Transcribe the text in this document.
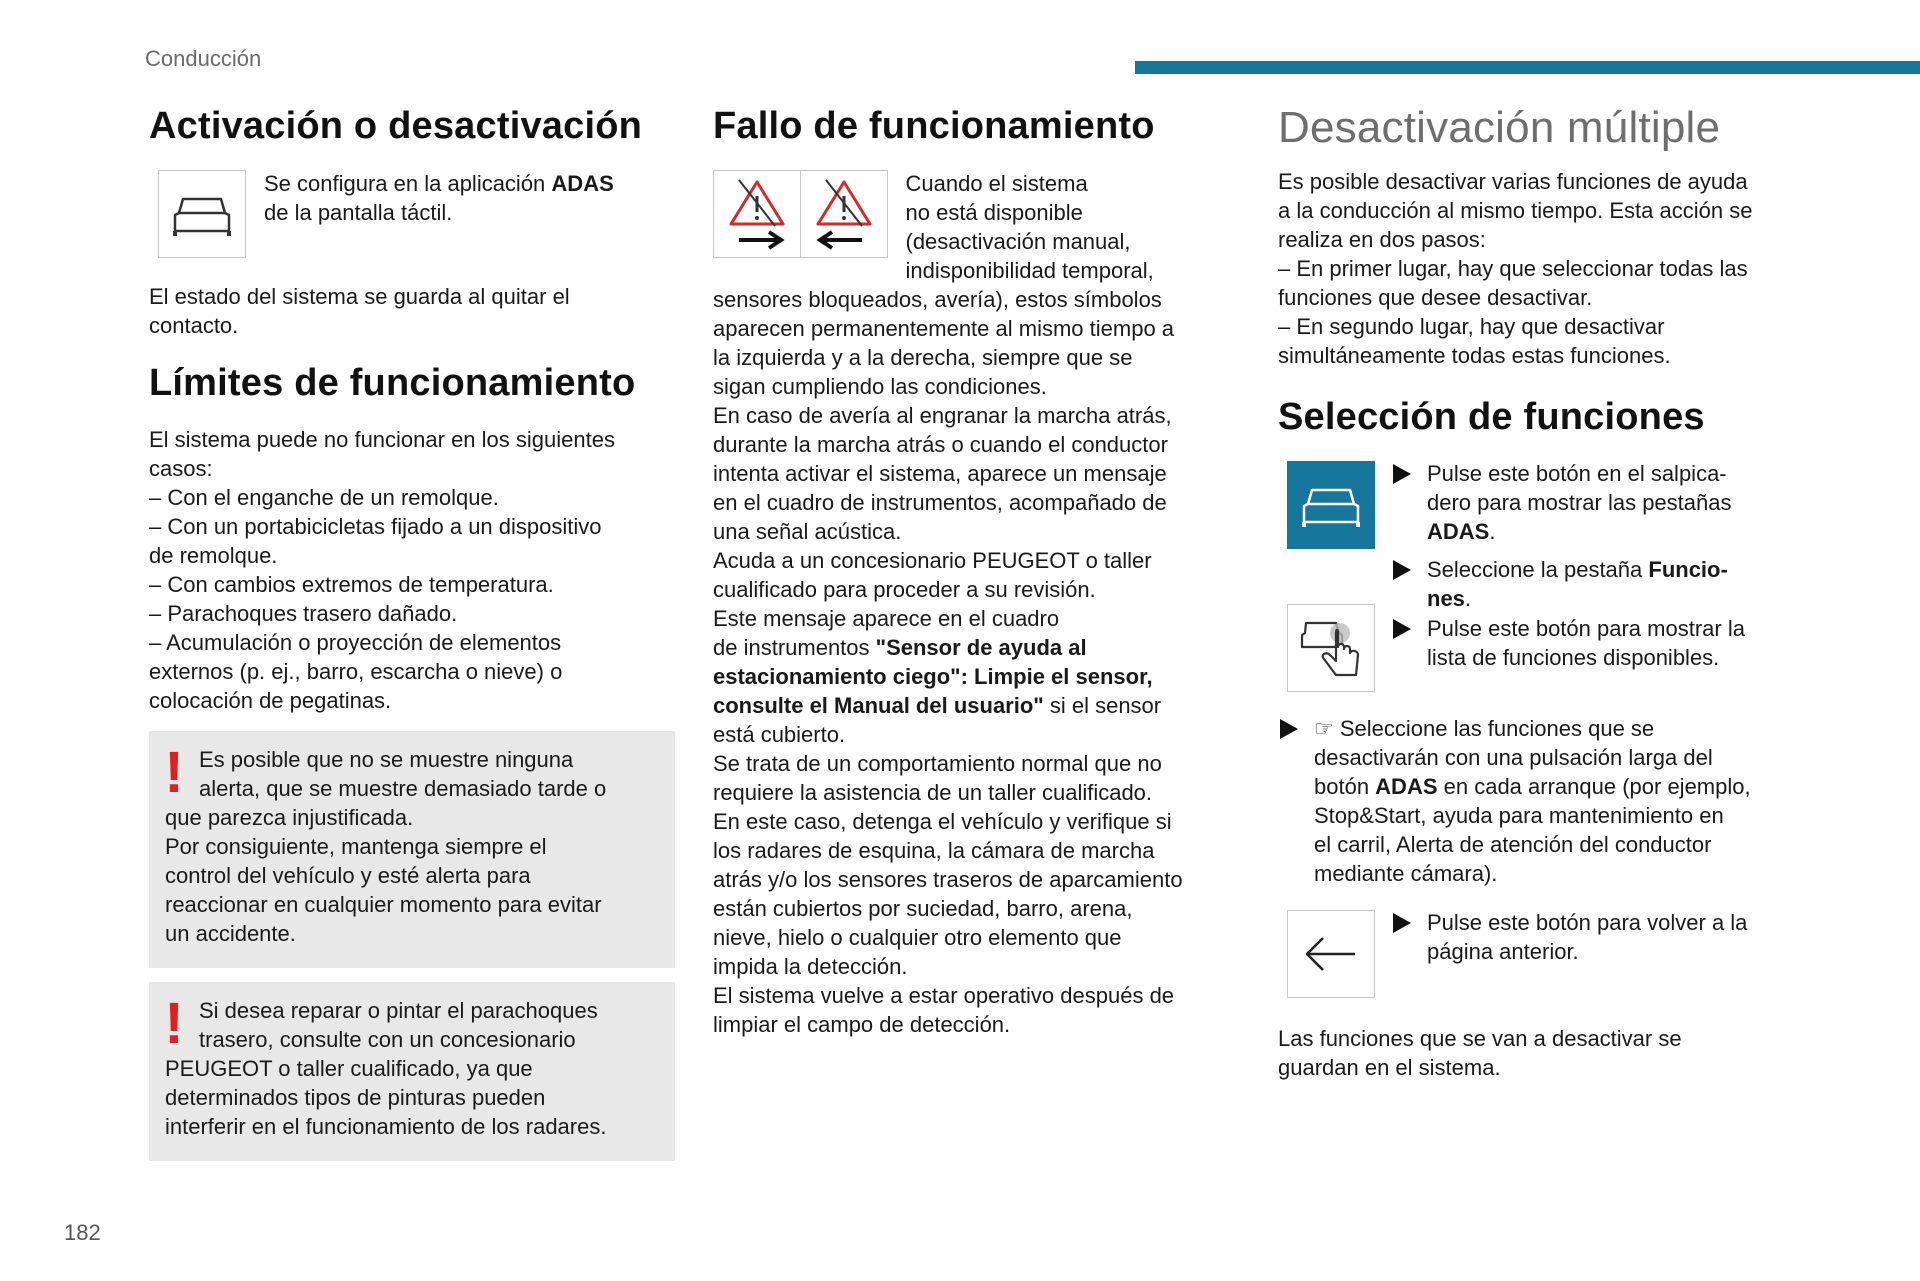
Conducción
Activación o desactivación
Se configura en la aplicación ADAS
de la pantalla táctil.
El estado del sistema se guarda al quitar el
contacto.
Límites de funcionamiento
El sistema puede no funcionar en los siguientes
casos:
– Con el enganche de un remolque.
– Con un portabicicletas fijado a un dispositivo
de remolque.
– Con cambios extremos de temperatura.
– Parachoques trasero dañado.
– Acumulación o proyección de elementos
externos (p. ej., barro, escarcha o nieve) o
colocación de pegatinas.
! Es posible que no se muestre ninguna
alerta, que se muestre demasiado tarde o
que parezca injustificada.
Por consiguiente, mantenga siempre el
control del vehículo y esté alerta para
reaccionar en cualquier momento para evitar
un accidente.
! Si desea reparar o pintar el parachoques
trasero, consulte con un concesionario
PEUGEOT o taller cualificado, ya que
determinados tipos de pinturas pueden
interferir en el funcionamiento de los radares.
Fallo de funcionamiento
Cuando el sistema
no está disponible
(desactivación manual,
indisponibilidad temporal,
sensores bloqueados, avería), estos símbolos
aparecen permanentemente al mismo tiempo a
la izquierda y a la derecha, siempre que se
sigan cumpliendo las condiciones.
En caso de avería al engranar la marcha atrás,
durante la marcha atrás o cuando el conductor
intenta activar el sistema, aparece un mensaje
en el cuadro de instrumentos, acompañado de
una señal acústica.
Acuda a un concesionario PEUGEOT o taller
cualificado para proceder a su revisión.
Este mensaje aparece en el cuadro
de instrumentos "Sensor de ayuda al
estacionamiento ciego": Limpie el sensor,
consulte el Manual del usuario" si el sensor
está cubierto.
Se trata de un comportamiento normal que no
requiere la asistencia de un taller cualificado.
En este caso, detenga el vehículo y verifique si
los radares de esquina, la cámara de marcha
atrás y/o los sensores traseros de aparcamiento
están cubiertos por suciedad, barro, arena,
nieve, hielo o cualquier otro elemento que
impida la detección.
El sistema vuelve a estar operativo después de
limpiar el campo de detección.
Desactivación múltiple
Es posible desactivar varias funciones de ayuda
a la conducción al mismo tiempo. Esta acción se
realiza en dos pasos:
– En primer lugar, hay que seleccionar todas las
funciones que desee desactivar.
– En segundo lugar, hay que desactivar
simultáneamente todas estas funciones.
Selección de funciones
Pulse este botón en el salpica-
dero para mostrar las pestañas
ADAS.
Seleccione la pestaña Funcio-
nes.
Pulse este botón para mostrar la
lista de funciones disponibles.
☞ Seleccione las funciones que se
desactivarán con una pulsación larga del
botón ADAS en cada arranque (por ejemplo,
Stop&Start, ayuda para mantenimiento en
el carril, Alerta de atención del conductor
mediante cámara).
Pulse este botón para volver a la
página anterior.
Las funciones que se van a desactivar se
guardan en el sistema.
182
